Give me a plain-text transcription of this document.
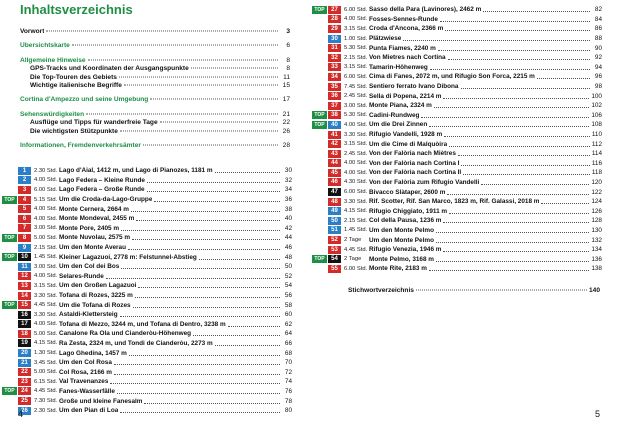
Inhaltsverzeichnis
Vorwort	3
Übersichtskarte	6
Allgemeine Hinweise	8
GPS-Tracks und Koordinaten der Ausgangspunkte	8
Die Top-Touren des Gebiets	11
Wichtige italienische Begriffe	15
Cortina d'Ampezzo und seine Umgebung	17
Sehenswürdigkeiten	21
Ausflüge und Tipps für wanderfreie Tage	22
Die wichtigsten Stützpunkte	26
Informationen, Fremdenverkehrsämter	28
1	2.30 Std. Lago d'Aial, 1412 m, und Lago di Pianozes, 1181 m	30
2	4.00 Std. Lago Federa – Kleine Runde	32
3	6.00 Std. Lago Federa – Große Runde	34
TOP	4	5.15 Std. Um die Croda-da-Lago-Gruppe	36
5	4.00 Std. Monte Cernera, 2664 m	38
6	4.00 Std. Monte Mondeval, 2455 m	40
7	3.00 Std. Monte Pore, 2405 m	42
TOP	8	5.00 Std. Monte Nuvolau, 2575 m	44
9	2.15 Std. Um den Monte Averau	46
TOP	10	1.45 Std. Kleiner Lagazuoi, 2778 m: Felstunnel-Abstieg	48
11	3.00 Std. Um den Col dei Bos	50
12	4.00 Std. Selares-Runde	52
13	3.15 Std. Um den Großen Lagazuoi	54
14	3.30 Std. Tofana di Rozes, 3225 m	56
TOP	15	4.45 Std. Um die Tofana di Rozes	58
16	3.30 Std. Astaldi-Klettersteig	60
17	4.00 Std. Tofana di Mezzo, 3244 m, und Tofana di Dentro, 3238 m	62
18	5.00 Std. Canalone Ra Ola und Cianderòu-Höhenweg	64
19	4.15 Std. Ra Zesta, 2324 m, und Tondi de Cianderòu, 2273 m	66
20	1.30 Std. Lago Ghedina, 1457 m	68
21	3.45 Std. Um den Col Rosa	70
22	5.00 Std. Col Rosa, 2166 m	72
23	6.15 Std. Val Travenanzes	74
TOP	24	4.45 Std. Fanes-Wasserfälle	76
25	7.30 Std. Große und kleine Fanesalm	78
26	2.30 Std. Um den Pian di Loa	80
4
TOP	27	6.00 Std. Sasso della Para (Lavinores), 2462 m	82
28	4.00 Std. Fosses-Sennes-Runde	84
29	3.15 Std. Croda d'Ancona, 2366 m	86
30	1.00 Std. Plätzwiese	88
31	5.30 Std. Punta Fiames, 2240 m	90
32	2.15 Std. Von Mietres nach Cortina	92
33	3.15 Std. Tamarin-Höhenweg	94
34	6.00 Std. Cima di Fanes, 2072 m, und Rifugio Son Forca, 2215 m	96
35	7.45 Std. Sentiero ferrato Ivano Dibona	98
36	2.45 Std. Sella di Popena, 2214 m	100
37	3.00 Std. Monte Piana, 2324 m	102
TOP	38	5.30 Std. Cadini-Rundweg	106
TOP	40	4.00 Std. Um die Drei Zinnen	108
41	3.30 Std. Rifugio Vandelli, 1928 m	110
42	3.15 Std. Um die Cime di Malquòira	112
43	2.45 Std. Von der Falòria nach Miètres	114
44	4.00 Std. Von der Falòria nach Cortina I	116
45	4.00 Std. Von der Falòria nach Cortina II	118
46	4.30 Std. Von der Falòria zum Rifugio Vandelli	120
47	6.00 Std. Bivacco Slàtaper, 2600 m	122
48	3.30 Std. Rif. Scotter, Rif. San Marco, 1823 m, Rif. Galassi, 2018 m	124
49	4.15 Std. Rifugio Chiggiato, 1911 m	126
50	2.15 Std. Col della Pausa, 1236 m	128
51	1.45 Std. Um den Monte Pelmo	130
52	2 Tage	Um den Monte Pelmo	132
53	4.45 Std. Rifugio Venezia, 1946 m	134
TOP	54	2 Tage	Monte Pelmo, 3168 m	136
55	6.00 Std. Monte Rite, 2183 m	138
Stichwortverzeichnis	140
5
